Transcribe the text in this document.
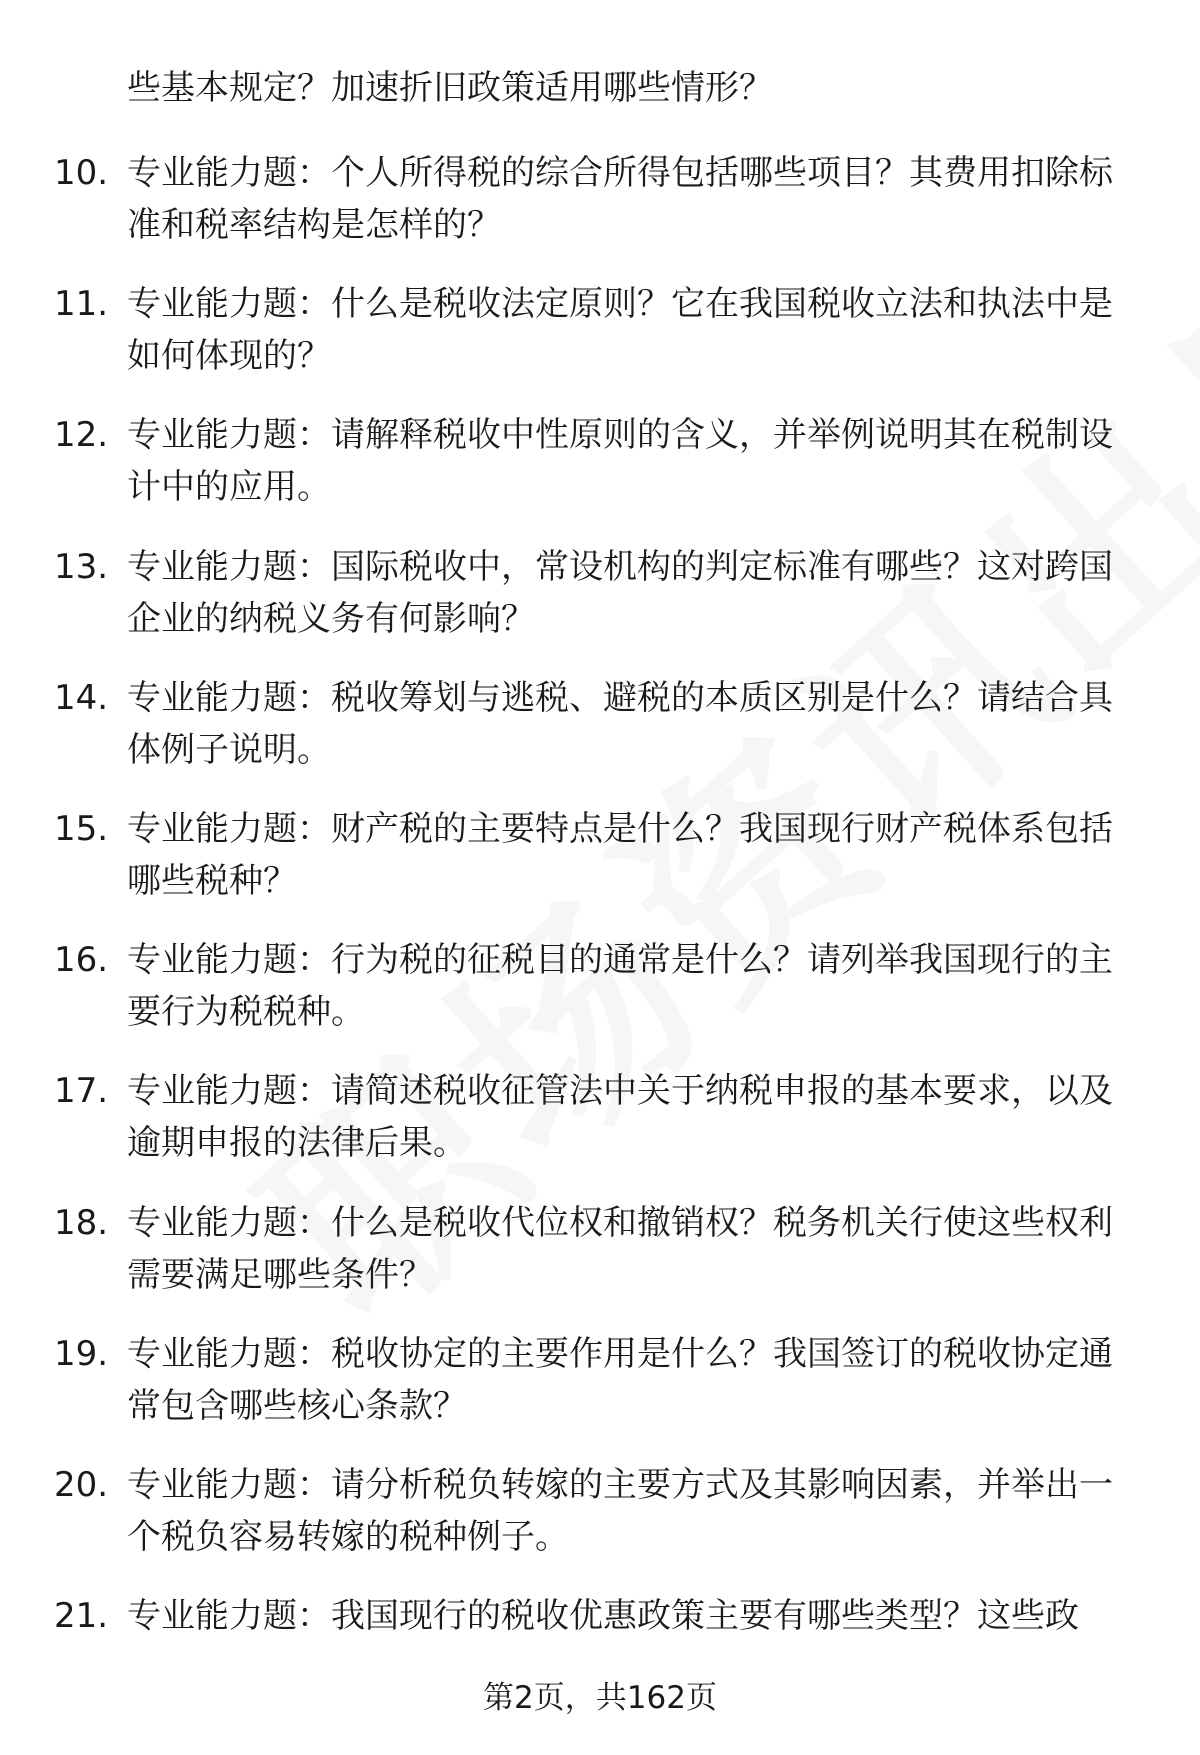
些基本规定？加速折旧政策适用哪些情形？
10. 专业能力题：个人所得税的综合所得包括哪些项目？其费用扣除标准和税率结构是怎样的？
11. 专业能力题：什么是税收法定原则？它在我国税收立法和执法中是如何体现的？
12. 专业能力题：请解释税收中性原则的含义，并举例说明其在税制设计中的应用。
13. 专业能力题：国际税收中，常设机构的判定标准有哪些？这对跨国企业的纳税义务有何影响？
14. 专业能力题：税收筹划与逃税、避税的本质区别是什么？请结合具体例子说明。
15. 专业能力题：财产税的主要特点是什么？我国现行财产税体系包括哪些税种？
16. 专业能力题：行为税的征税目的通常是什么？请列举我国现行的主要行为税税种。
17. 专业能力题：请简述税收征管法中关于纳税申报的基本要求，以及逾期申报的法律后果。
18. 专业能力题：什么是税收代位权和撤销权？税务机关行使这些权利需要满足哪些条件？
19. 专业能力题：税收协定的主要作用是什么？我国签订的税收协定通常包含哪些核心条款？
20. 专业能力题：请分析税负转嫁的主要方式及其影响因素，并举出一个税负容易转嫁的税种例子。
21. 专业能力题：我国现行的税收优惠政策主要有哪些类型？这些政
第2页，共162页
